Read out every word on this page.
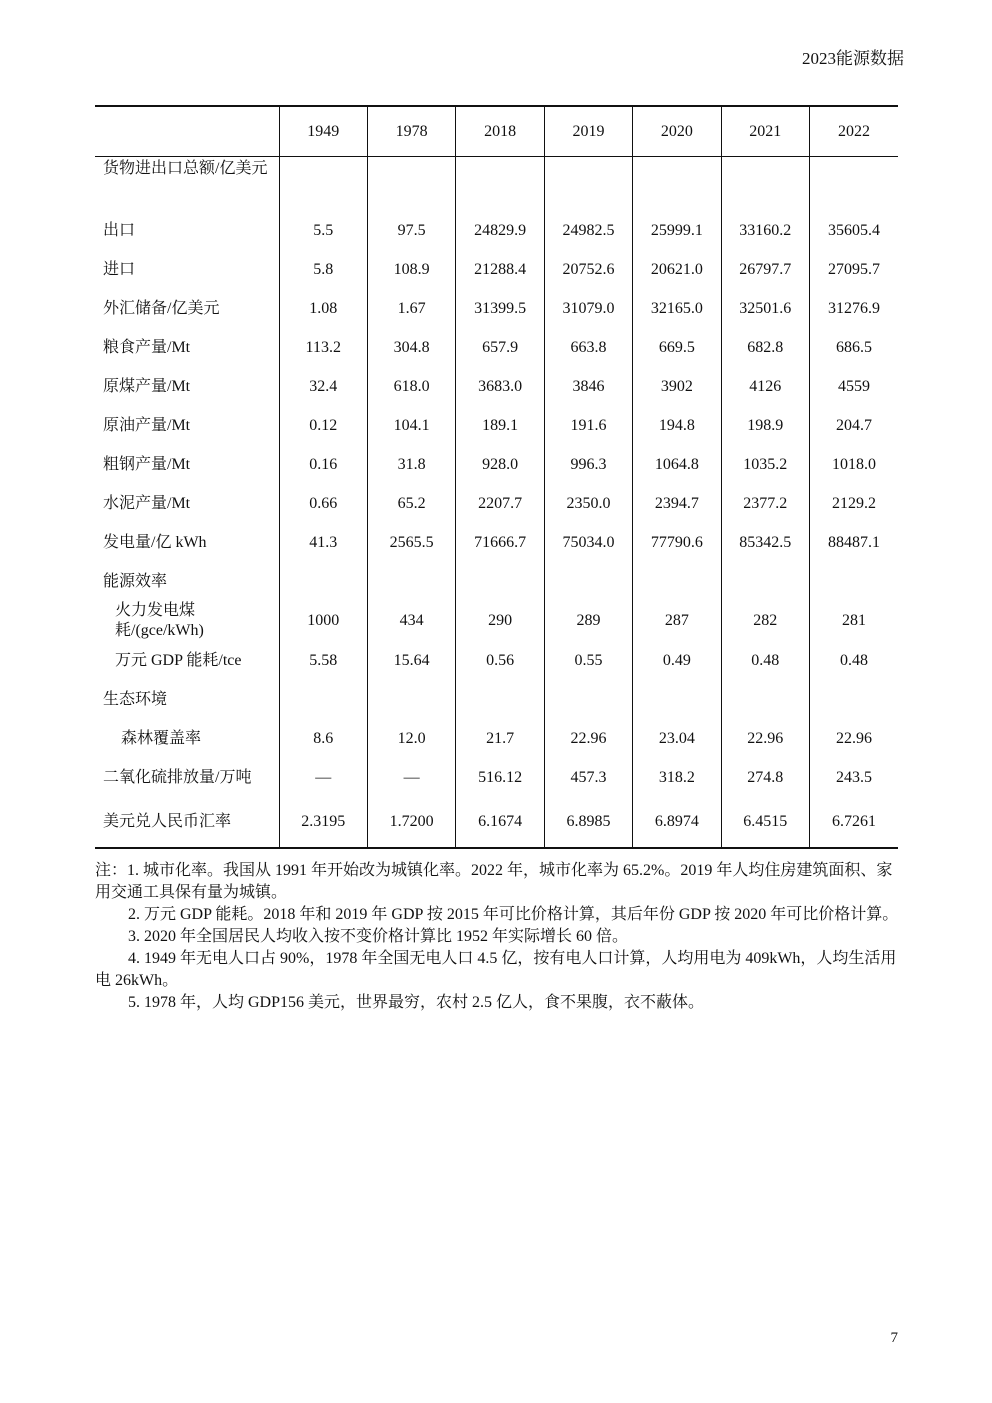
2023能源数据
	1949	1978	2018	2019	2020	2021	2022
货物进出口总额/亿美元							
出口	5.5	97.5	24829.9	24982.5	25999.1	33160.2	35605.4
进口	5.8	108.9	21288.4	20752.6	20621.0	26797.7	27095.7
外汇储备/亿美元	1.08	1.67	31399.5	31079.0	32165.0	32501.6	31276.9
粮食产量/Mt	113.2	304.8	657.9	663.8	669.5	682.8	686.5
原煤产量/Mt	32.4	618.0	3683.0	3846	3902	4126	4559
原油产量/Mt	0.12	104.1	189.1	191.6	194.8	198.9	204.7
粗钢产量/Mt	0.16	31.8	928.0	996.3	1064.8	1035.2	1018.0
水泥产量/Mt	0.66	65.2	2207.7	2350.0	2394.7	2377.2	2129.2
发电量/亿 kWh	41.3	2565.5	71666.7	75034.0	77790.6	85342.5	88487.1
能源效率							
火力发电煤耗/(gce/kWh)	1000	434	290	289	287	282	281
万元 GDP 能耗/tce	5.58	15.64	0.56	0.55	0.49	0.48	0.48
生态环境							
森林覆盖率	8.6	12.0	21.7	22.96	23.04	22.96	22.96
二氧化硫排放量/万吨	—	—	516.12	457.3	318.2	274.8	243.5
美元兑人民币汇率	2.3195	1.7200	6.1674	6.8985	6.8974	6.4515	6.7261

注：1. 城市化率。我国从 1991 年开始改为城镇化率。2022 年，城市化率为 65.2%。2019 年人均住房建筑面积、家用交通工具保有量为城镇。

2. 万元 GDP 能耗。2018 年和 2019 年 GDP 按 2015 年可比价格计算，其后年份 GDP 按 2020 年可比价格计算。

3. 2020 年全国居民人均收入按不变价格计算比 1952 年实际增长 60 倍。

4. 1949 年无电人口占 90%，1978 年全国无电人口 4.5 亿，按有电人口计算，人均用电为 409kWh，人均生活用电 26kWh。

5. 1978 年，人均 GDP156 美元，世界最穷，农村 2.5 亿人，食不果腹，衣不蔽体。

7
